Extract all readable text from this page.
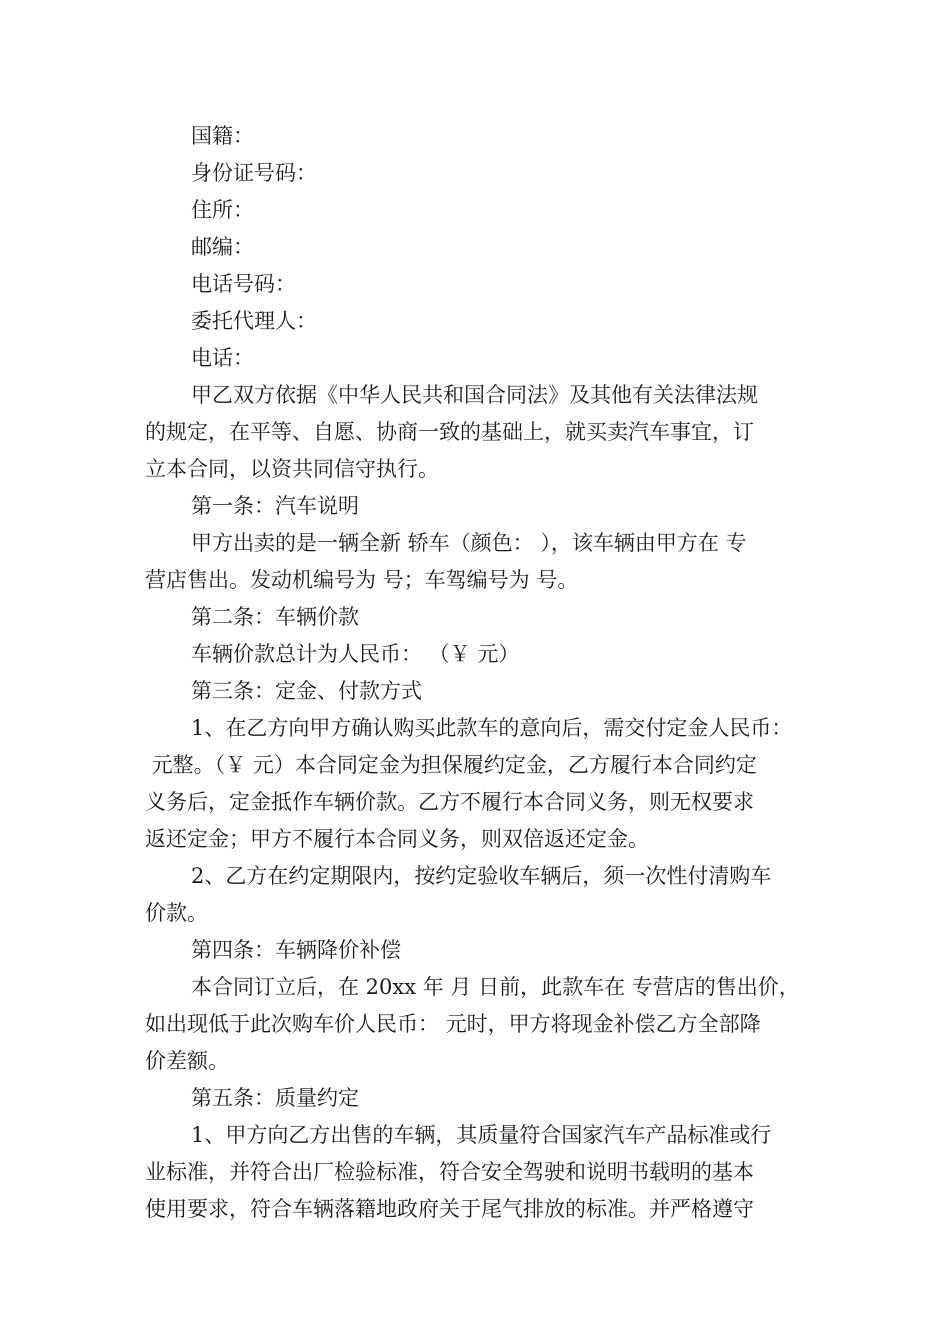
国籍：
身份证号码：
住所：
邮编：
电话号码：
委托代理人：
电话：
甲乙双方依据《中华人民共和国合同法》及其他有关法律法规
的规定，在平等、自愿、协商一致的基础上，就买卖汽车事宜，订
立本合同，以资共同信守执行。
第一条：汽车说明
甲方出卖的是一辆全新 轿车（颜色： ），该车辆由甲方在 专
营店售出。发动机编号为 号；车驾编号为 号。
第二条：车辆价款
车辆价款总计为人民币： （￥ 元）
第三条：定金、付款方式
1、在乙方向甲方确认购买此款车的意向后，需交付定金人民币：
元整。（￥ 元）本合同定金为担保履约定金，乙方履行本合同约定
义务后，定金抵作车辆价款。乙方不履行本合同义务，则无权要求
返还定金；甲方不履行本合同义务，则双倍返还定金。
2、乙方在约定期限内，按约定验收车辆后，须一次性付清购车
价款。
第四条：车辆降价补偿
本合同订立后，在 20xx 年 月 日前，此款车在 专营店的售出价，
如出现低于此次购车价人民币： 元时，甲方将现金补偿乙方全部降
价差额。
第五条：质量约定
1、甲方向乙方出售的车辆，其质量符合国家汽车产品标准或行
业标准，并符合出厂检验标准，符合安全驾驶和说明书载明的基本
使用要求，符合车辆落籍地政府关于尾气排放的标准。并严格遵守
